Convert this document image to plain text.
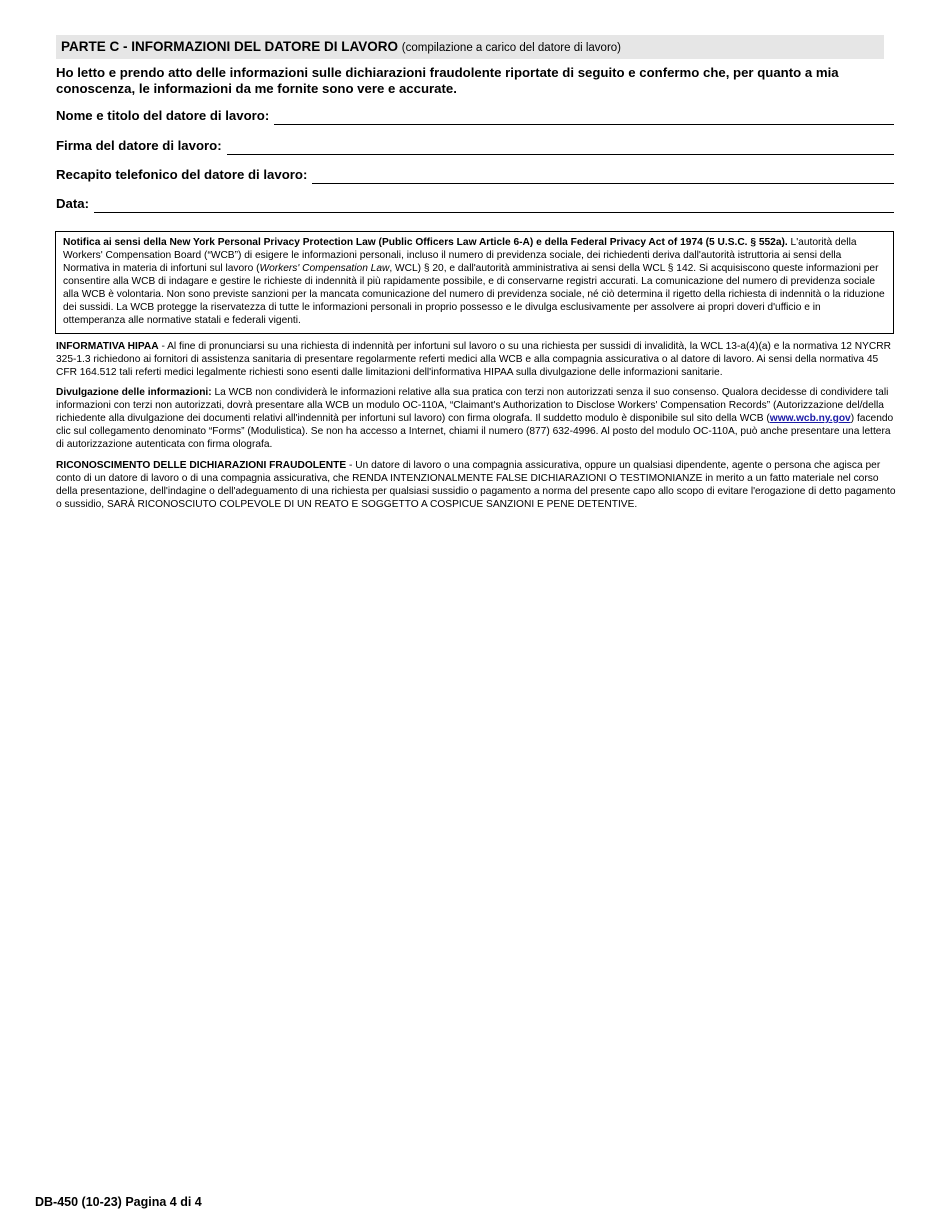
PARTE C - INFORMAZIONI DEL DATORE DI LAVORO (compilazione a carico del datore di lavoro)
Ho letto e prendo atto delle informazioni sulle dichiarazioni fraudolente riportate di seguito e confermo che, per quanto a mia conoscenza, le informazioni da me fornite sono vere e accurate.
Nome e titolo del datore di lavoro:
Firma del datore di lavoro:
Recapito telefonico del datore di lavoro:
Data:
Notifica ai sensi della New York Personal Privacy Protection Law (Public Officers Law Article 6-A) e della Federal Privacy Act of 1974 (5 U.S.C. § 552a). L'autorità della Workers' Compensation Board (“WCB”) di esigere le informazioni personali, incluso il numero di previdenza sociale, dei richiedenti deriva dall'autorità istruttoria ai sensi della Normativa in materia di infortuni sul lavoro (Workers' Compensation Law, WCL) § 20, e dall'autorità amministrativa ai sensi della WCL § 142. Si acquisiscono queste informazioni per consentire alla WCB di indagare e gestire le richieste di indennità il più rapidamente possibile, e di conservarne registri accurati. La comunicazione del numero di previdenza sociale alla WCB è volontaria. Non sono previste sanzioni per la mancata comunicazione del numero di previdenza sociale, né ciò determina il rigetto della richiesta di indennità o la riduzione dei sussidi. La WCB protegge la riservatezza di tutte le informazioni personali in proprio possesso e le divulga esclusivamente per assolvere ai propri doveri d'ufficio e in ottemperanza alle normative statali e federali vigenti.
INFORMATIVA HIPAA - Al fine di pronunciarsi su una richiesta di indennità per infortuni sul lavoro o su una richiesta per sussidi di invalidità, la WCL 13-a(4)(a) e la normativa 12 NYCRR 325-1.3 richiedono ai fornitori di assistenza sanitaria di presentare regolarmente referti medici alla WCB e alla compagnia assicurativa o al datore di lavoro. Ai sensi della normativa 45 CFR 164.512 tali referti medici legalmente richiesti sono esenti dalle limitazioni dell'informativa HIPAA sulla divulgazione delle informazioni sanitarie.
Divulgazione delle informazioni: La WCB non condividerà le informazioni relative alla sua pratica con terzi non autorizzati senza il suo consenso. Qualora decidesse di condividere tali informazioni con terzi non autorizzati, dovrà presentare alla WCB un modulo OC-110A, “Claimant's Authorization to Disclose Workers' Compensation Records” (Autorizzazione del/della richiedente alla divulgazione dei documenti relativi all'indennità per infortuni sul lavoro) con firma olografa. Il suddetto modulo è disponibile sul sito della WCB (www.wcb.ny.gov) facendo clic sul collegamento denominato “Forms” (Modulistica). Se non ha accesso a Internet, chiami il numero (877) 632-4996. Al posto del modulo OC-110A, può anche presentare una lettera di autorizzazione autenticata con firma olografa.
RICONOSCIMENTO DELLE DICHIARAZIONI FRAUDOLENTE - Un datore di lavoro o una compagnia assicurativa, oppure un qualsiasi dipendente, agente o persona che agisca per conto di un datore di lavoro o di una compagnia assicurativa, che RENDA INTENZIONALMENTE FALSE DICHIARAZIONI O TESTIMONIANZE in merito a un fatto materiale nel corso della presentazione, dell'indagine o dell'adeguamento di una richiesta per qualsiasi sussidio o pagamento a norma del presente capo allo scopo di evitare l'erogazione di detto pagamento o sussidio, SARÀ RICONOSCIUTO COLPEVOLE DI UN REATO E SOGGETTO A COSPICUE SANZIONI E PENE DETENTIVE.
DB-450 (10-23) Pagina 4 di 4
